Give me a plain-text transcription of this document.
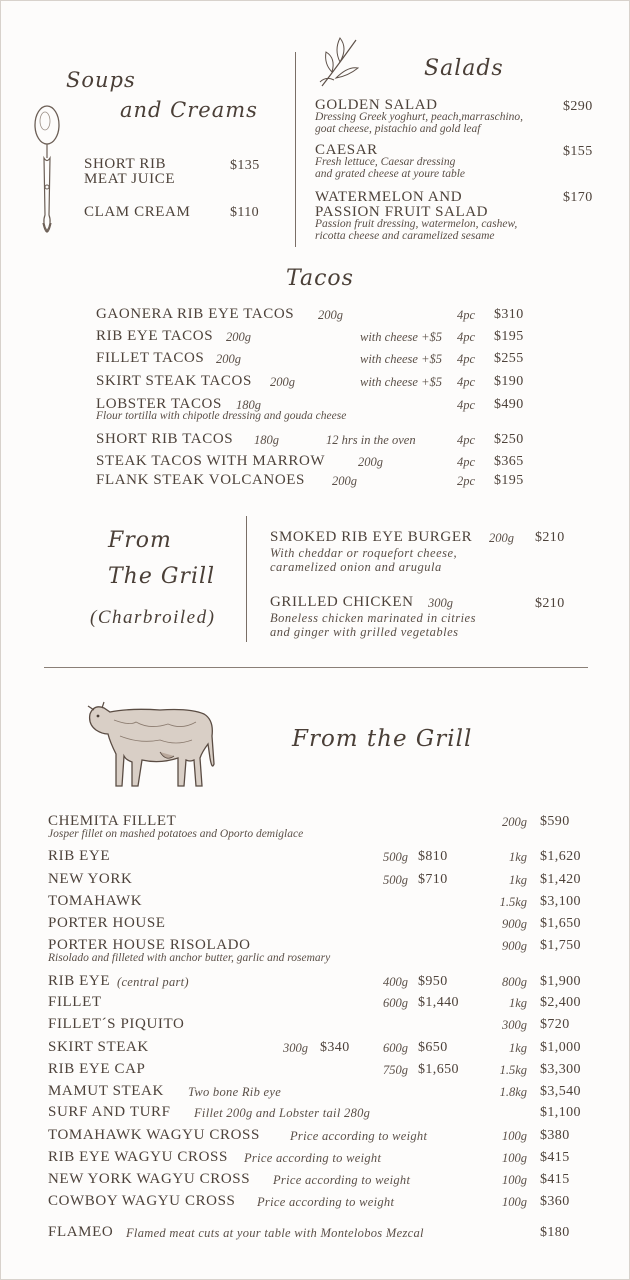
Soups
and Creams
SHORT RIB
MEAT JUICE
$135
CLAM CREAM	$110
Salads
GOLDEN SALAD
Dressing Greek yoghurt, peach,marraschino,
goat cheese, pistachio and gold leaf
$290
CAESAR
Fresh lettuce, Caesar dressing
and grated cheese at youre table
$155
WATERMELON AND
PASSION FRUIT SALAD
Passion fruit dressing, watermelon, cashew,
ricotta cheese and caramelized sesame
$170
Tacos
GAONERA RIB EYE TACOS 200g	4pc $310
RIB EYE TACOS 200g	with cheese +$5 4pc $195
FILLET TACOS 200g	with cheese +$5 4pc $255
SKIRT STEAK TACOS 200g	with cheese +$5 4pc $190
LOBSTER TACOS 180g
Flour tortilla with chipotle dressing and gouda cheese
4pc $490
SHORT RIB TACOS 180g	12 hrs in the oven	4pc $250
STEAK TACOS WITH MARROW	200g	4pc $365
FLANK STEAK VOLCANOES 200g	2pc $195
From
The Grill
(Charbroiled)
SMOKED RIB EYE BURGER 200g $210
With cheddar or roquefort cheese,
caramelized onion and arugula
GRILLED CHICKEN 300g	$210
Boneless chicken marinated in citries
and ginger with grilled vegetables
From the Grill
CHEMITA FILLET
Josper fillet on mashed potatoes and Oporto demiglace
200g $590
RIB EYE	500g $810	1kg $1,620
NEW YORK	500g $710	1kg $1,420
TOMAHAWK	1.5kg $3,100
PORTER HOUSE	900g $1,650
PORTER HOUSE RISOLADO
Risolado and filleted with anchor butter, garlic and rosemary
900g $1,750
RIB EYE (central part)	400g $950	800g $1,900
FILLET	600g $1,440	1kg $2,400
FILLET´S PIQUITO	300g $720
SKIRT STEAK	300g $340	600g $650	1kg $1,000
RIB EYE CAP	750g $1,650	1.5kg $3,300
MAMUT STEAK Two bone Rib eye	1.8kg $3,540
SURF AND TURF Fillet 200g and Lobster tail 280g	$1,100
TOMAHAWK WAGYU CROSS Price according to weight	100g $380
RIB EYE WAGYU CROSS Price according to weight	100g $415
NEW YORK WAGYU CROSS Price according to weight	100g $415
COWBOY WAGYU CROSS Price according to weight	100g $360
FLAMEO Flamed meat cuts at your table with Montelobos Mezcal	$180
